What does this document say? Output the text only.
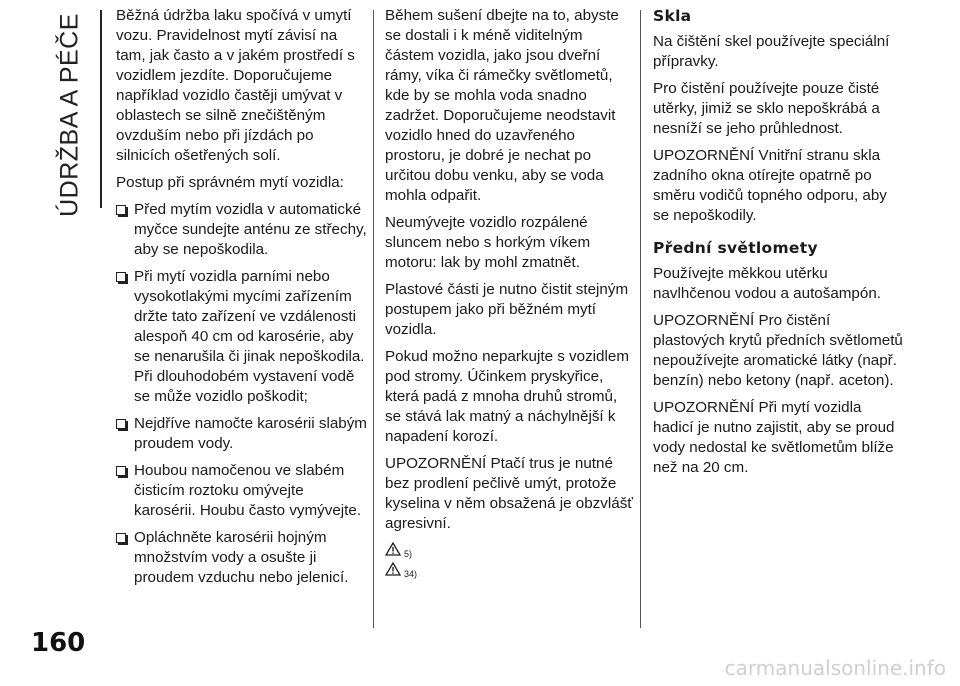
ÚDRŽBA A PÉČE Běžná údržba laku spočívá v umytí vozu. Pravidelnost mytí závisí na tam, jak často a v jakém prostředí s vozidlem jezdíte. Doporučujeme například vozidlo častěji umývat v oblastech se silně znečištěným ovzduším nebo při jízdách po silnicích ošetřených solí.

Postup při správném mytí vozidla:

Před mytím vozidla v automatické myčce sundejte anténu ze střechy, aby se nepoškodila.
Při mytí vozidla parními nebo vysokotlakými mycími zařízením držte tato zařízení ve vzdálenosti alespoň 40 cm od karosérie, aby se nenarušila či jinak nepoškodila. Při dlouhodobém vystavení vodě se může vozidlo poškodit;
Nejdříve namočte karosérii slabým proudem vody.
Houbou namočenou ve slabém čisticím roztoku omývejte karosérii. Houbu často vymývejte.
Opláchněte karosérii hojným množstvím vody a osušte ji proudem vzduchu nebo jelenicí.

Během sušení dbejte na to, abyste se dostali i k méně viditelným částem vozidla, jako jsou dveřní rámy, víka či rámečky světlometů, kde by se mohla voda snadno zadržet. Doporučujeme neodstavit vozidlo hned do uzavřeného prostoru, je dobré je nechat po určitou dobu venku, aby se voda mohla odpařit.

Neumývejte vozidlo rozpálené sluncem nebo s horkým víkem motoru: lak by mohl zmatnět.

Plastové části je nutno čistit stejným postupem jako při běžném mytí vozidla.

Pokud možno neparkujte s vozidlem pod stromy. Účinkem pryskyřice, která padá z mnoha druhů stromů, se stává lak matný a náchylnější k napadení korozí.

UPOZORNĚNÍ Ptačí trus je nutné bez prodlení pečlivě umýt, protože kyselina v něm obsažená je obzvlášť agresivní.

5)
34)
Skla

Na čištění skel používejte speciální přípravky.

Pro čistění používejte pouze čisté utěrky, jimiž se sklo nepoškrábá a nesníží se jeho průhlednost.

UPOZORNĚNÍ Vnitřní stranu skla zadního okna otírejte opatrně po směru vodičů topného odporu, aby se nepoškodily.

Přední světlomety

Používejte měkkou utěrku navlhčenou vodou a autošampón.

UPOZORNĚNÍ Pro čistění plastových krytů předních světlometů nepoužívejte aromatické látky (např. benzín) nebo ketony (např. aceton).

UPOZORNĚNÍ Při mytí vozidla hadicí je nutno zajistit, aby se proud vody nedostal ke světlometům blíže než na 20 cm.

160
carmanualsonline.info
